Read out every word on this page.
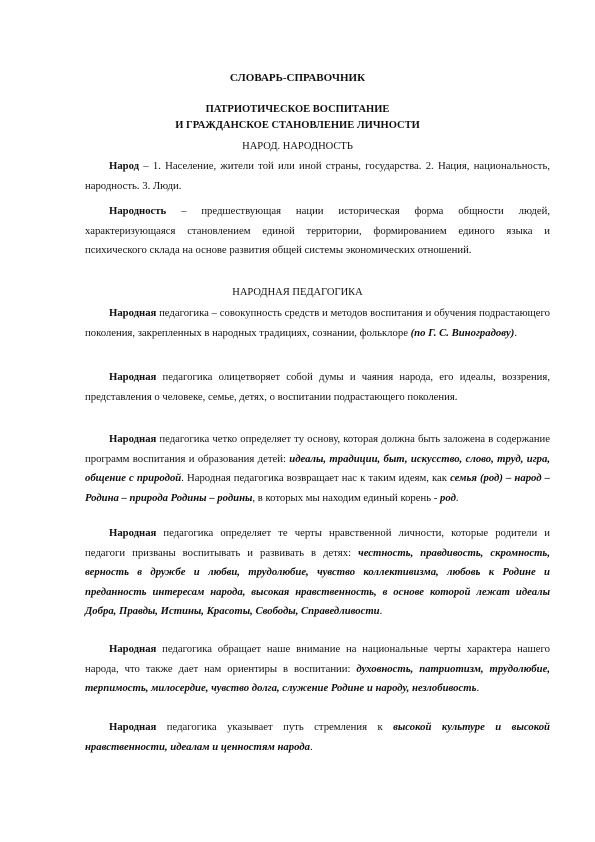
СЛОВАРЬ-СПРАВОЧНИК

ПАТРИОТИЧЕСКОЕ ВОСПИТАНИЕ

И ГРАЖДАНСКОЕ СТАНОВЛЕНИЕ ЛИЧНОСТИ

НАРОД. НАРОДНОСТЬ

Народ – 1. Население, жители той или иной страны, государства. 2. Нация, национальность, народность. 3. Люди.

Народность – предшествующая нации историческая форма общности людей, характеризующаяся становлением единой территории, формированием единого языка и психического склада на основе развития общей системы экономических отношений.

НАРОДНАЯ ПЕДАГОГИКА

Народная педагогика – совокупность средств и методов воспитания и обучения подрастающего поколения, закрепленных в народных традициях, сознании, фольклоре (по Г. С. Виноградову).

Народная педагогика олицетворяет собой думы и чаяния народа, его идеалы, воззрения, представления о человеке, семье, детях, о воспитании подрастающего поколения.

Народная педагогика четко определяет ту основу, которая должна быть заложена в содержание программ воспитания и образования детей: идеалы, традиции, быт, искусство, слово, труд, игра, общение с природой. Народная педагогика возвращает нас к таким идеям, как семья (род) – народ – Родина – природа Родины – родины, в которых мы находим единый корень - род.

Народная педагогика определяет те черты нравственной личности, которые родители и педагоги призваны воспитывать и развивать в детях: честность, правдивость, скромность, верность в дружбе и любви, трудолюбие, чувство коллективизма, любовь к Родине и преданность интересам народа, высокая нравственность, в основе которой лежат идеалы Добра, Правды, Истины, Красоты, Свободы, Справедливости.

Народная педагогика обращает наше внимание на национальные черты характера нашего народа, что также дает нам ориентиры в воспитании: духовность, патриотизм, трудолюбие, терпимость, милосердие, чувство долга, служение Родине и народу, незлобивость.

Народная педагогика указывает путь стремления к высокой культуре и высокой нравственности, идеалам и ценностям народа.
